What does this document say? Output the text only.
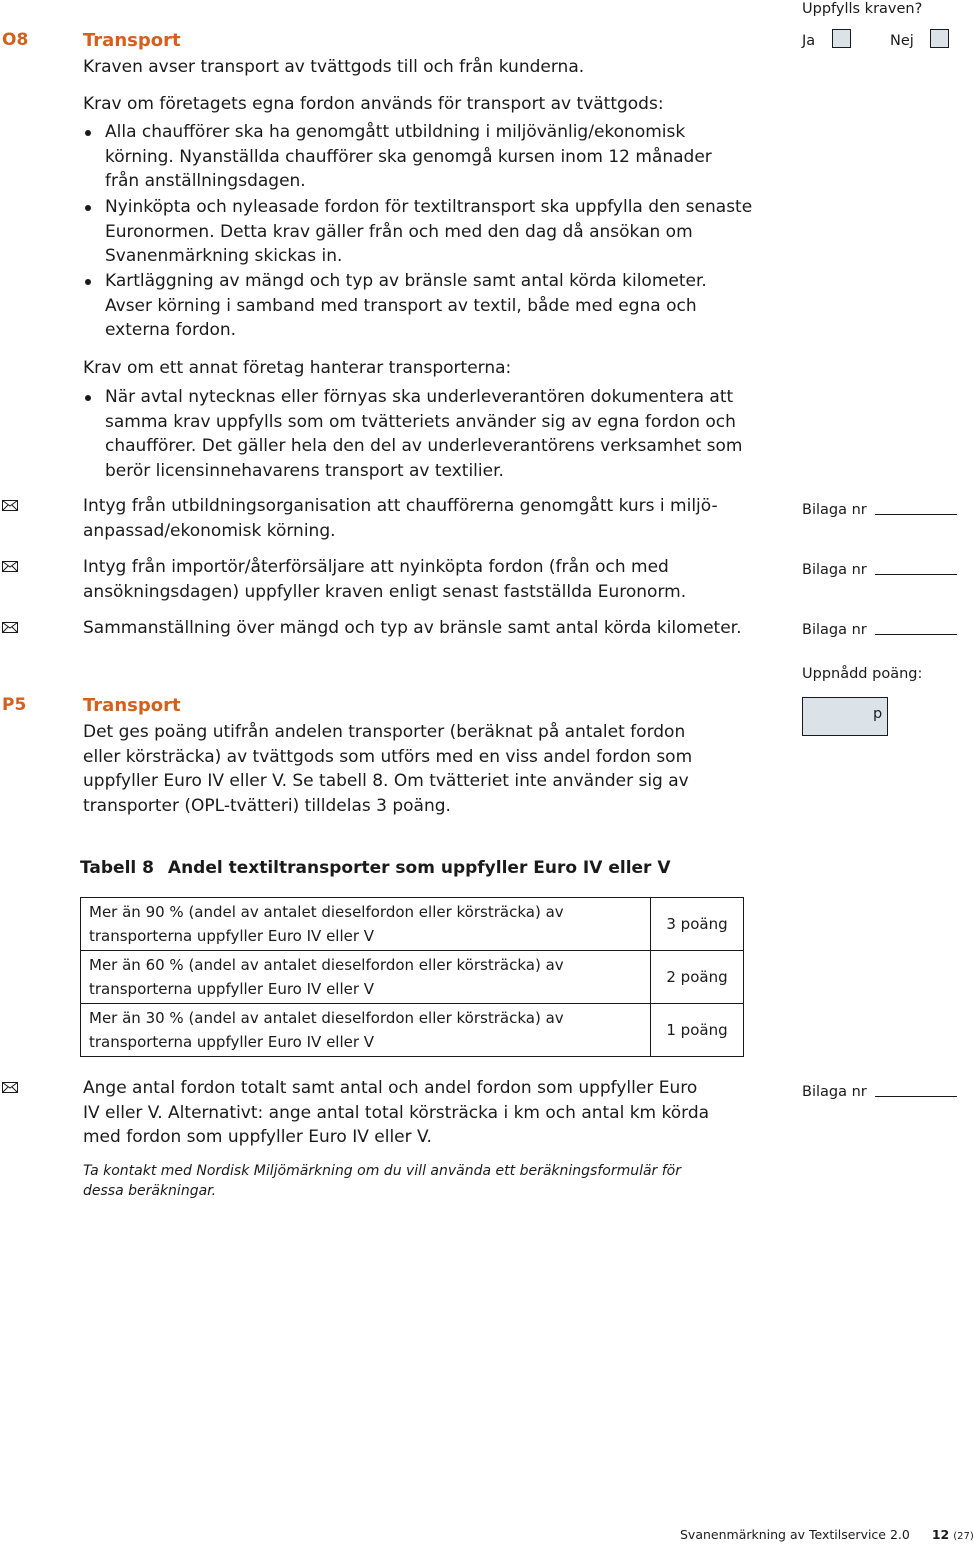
O8	Transport
Kraven avser transport av tvättgods till och från kunderna.
Uppfylls kraven?
Ja	Nej
Krav om företagets egna fordon används för transport av tvättgods:
Alla chaufförer ska ha genomgått utbildning i miljövänlig/ekonomisk
körning. Nyanställda chaufförer ska genomgå kursen inom 12 månader
från anställningsdagen.
Nyinköpta och nyleasade fordon för textiltransport ska uppfylla den senaste
Euronormen. Detta krav gäller från och med den dag då ansökan om
Svanenmärkning skickas in.
Kartläggning av mängd och typ av bränsle samt antal körda kilometer.
Avser körning i samband med transport av textil, både med egna och
externa fordon.
Krav om ett annat företag hanterar transporterna:
När avtal nytecknas eller förnyas ska underleverantören dokumentera att
samma krav uppfylls som om tvätteriets använder sig av egna fordon och
chaufförer. Det gäller hela den del av underleverantörens verksamhet som
berör licensinnehavarens transport av textilier.
Intyg från utbildningsorganisation att chaufförerna genomgått kurs i miljö-
anpassad/ekonomisk körning.
Bilaga nr
Intyg från importör/återförsäljare att nyinköpta fordon (från och med
ansökningsdagen) uppfyller kraven enligt senast fastställda Euronorm.
Bilaga nr
Sammanställning över mängd och typ av bränsle samt antal körda kilometer.	Bilaga nr
Uppnådd poäng:
P5	Transport	p
Det ges poäng utifrån andelen transporter (beräknat på antalet fordon
eller körsträcka) av tvättgods som utförs med en viss andel fordon som
uppfyller Euro IV eller V. Se tabell 8. Om tvätteriet inte använder sig av
transporter (OPL-tvätteri) tilldelas 3 poäng.
Tabell 8 Andel textiltransporter som uppfyller Euro IV eller V
Mer än 90 % (andel av antalet dieselfordon eller körsträcka) av
transporterna uppfyller Euro IV eller V	3 poäng

Mer än 60 % (andel av antalet dieselfordon eller körsträcka) av
transporterna uppfyller Euro IV eller V	2 poäng

Mer än 30 % (andel av antalet dieselfordon eller körsträcka) av
transporterna uppfyller Euro IV eller V	1 poäng
Ange antal fordon totalt samt antal och andel fordon som uppfyller Euro
IV eller V. Alternativt: ange antal total körsträcka i km och antal km körda
med fordon som uppfyller Euro IV eller V.
Bilaga nr
Ta kontakt med Nordisk Miljömärkning om du vill använda ett beräkningsformulär för
dessa beräkningar.
Svanenmärkning av Textilservice 2.0 12 (27)
